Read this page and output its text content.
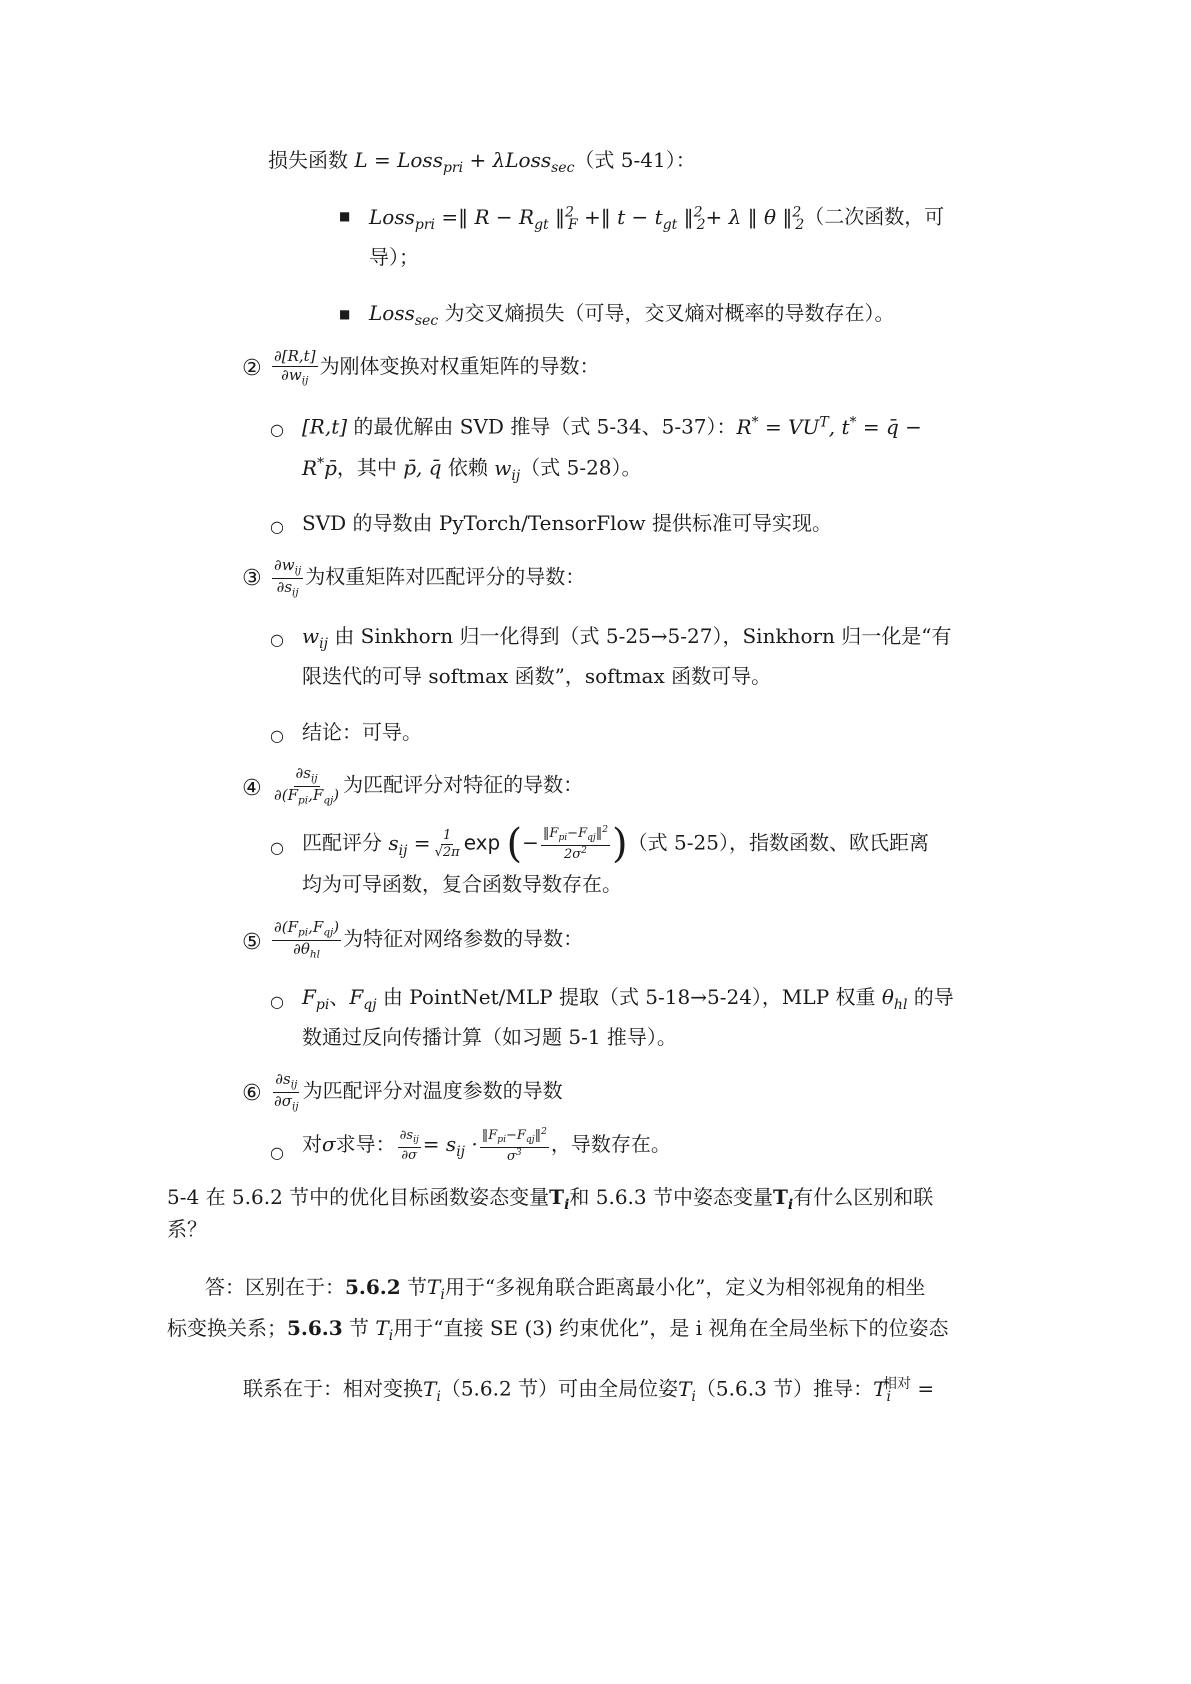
损失函数 L = Loss$_{pri}$ + λLoss$_{sec}$（式 5-41）：
■ Loss$_{pri}$ =‖ $R - R_{gt}$ ‖$^2_F$ +‖ $t - t_{gt}$ ‖$^2_2$+ λ ‖ θ ‖$^2_2$（二次函数，可
导）；
■ Loss$_{sec}$ 为交叉熵损失（可导，交叉熵对概率的导数存在）。
② ∂[R,t]
$\partial w_{ij}$
为刚体变换对权重矩阵的导数：
○ [R,t] 的最优解由 SVD 推导（式 5-34、5-37）：$R^* = VU^T$, t* = q̄ −
R*p̄，其中 p̄, q̄ 依赖 $w_{ij}$（式 5-28）。
○ SVD 的导数由 PyTorch/TensorFlow 提供标准可导实现。
③
$\partial w_{ij}$
$\partial s_{ij}$
为权重矩阵对匹配评分的导数：
○ $w_{ij}$ 由 Sinkhorn 归一化得到（式 5-25→5-27），Sinkhorn 归一化是“有
限迭代的可导 softmax 函数”，softmax 函数可导。
○ 结论：可导。
④
$\partial s_{ij}$
$\partial(F_{pi},F_{qj})$ 为匹配评分对特征的导数：
○ 匹配评分 $s_{ij} = \frac{1}{√2\pi}$ exp (− $‖F_{pi}-F_{qj}‖^2$
$2\sigma^2$ )（式 5-25），指数函数、欧氏距离
均为可导函数，复合函数导数存在。
⑤
$\partial(F_{pi},F_{qj})$
$\partial\theta_{hl}$
为特征对网络参数的导数：
○ $F_{pi}$、$F_{qj}$ 由 PointNet/MLP 提取（式 5-18→5-24），MLP 权重 $\theta_{hl}$ 的导
数通过反向传播计算（如习题 5-1 推导）。
⑥
$\partial s_{ij}$
$\partial\sigma_{ij}$
为匹配评分对温度参数的导数
○ 对σ求导： $\partial s_{ij}$
$\partial\sigma = s_{ij}$ · $‖F_{pi}-F_{qj}‖^2$
$\sigma^3$ ，导数存在。
5-4 在 5.6.2 节中的优化目标函数姿态变量$T_i$和 5.6.3 节中姿态变量$T_i$有什么区别和联
系？
答：区别在于：5.6.2 节$T_i$用于“多视角联合距离最小化”，定义为相邻视角的相坐
标变换关系；5.6.3 节 $T_i$用于“直接 SE (3) 约束优化”，是 i 视角在全局坐标下的位姿态
联系在于：相对变换$T_i(5.6.2$ 节）可由全局位姿$T_i(5.6.3$ 节）推导：$T_i^{相对}$ =
